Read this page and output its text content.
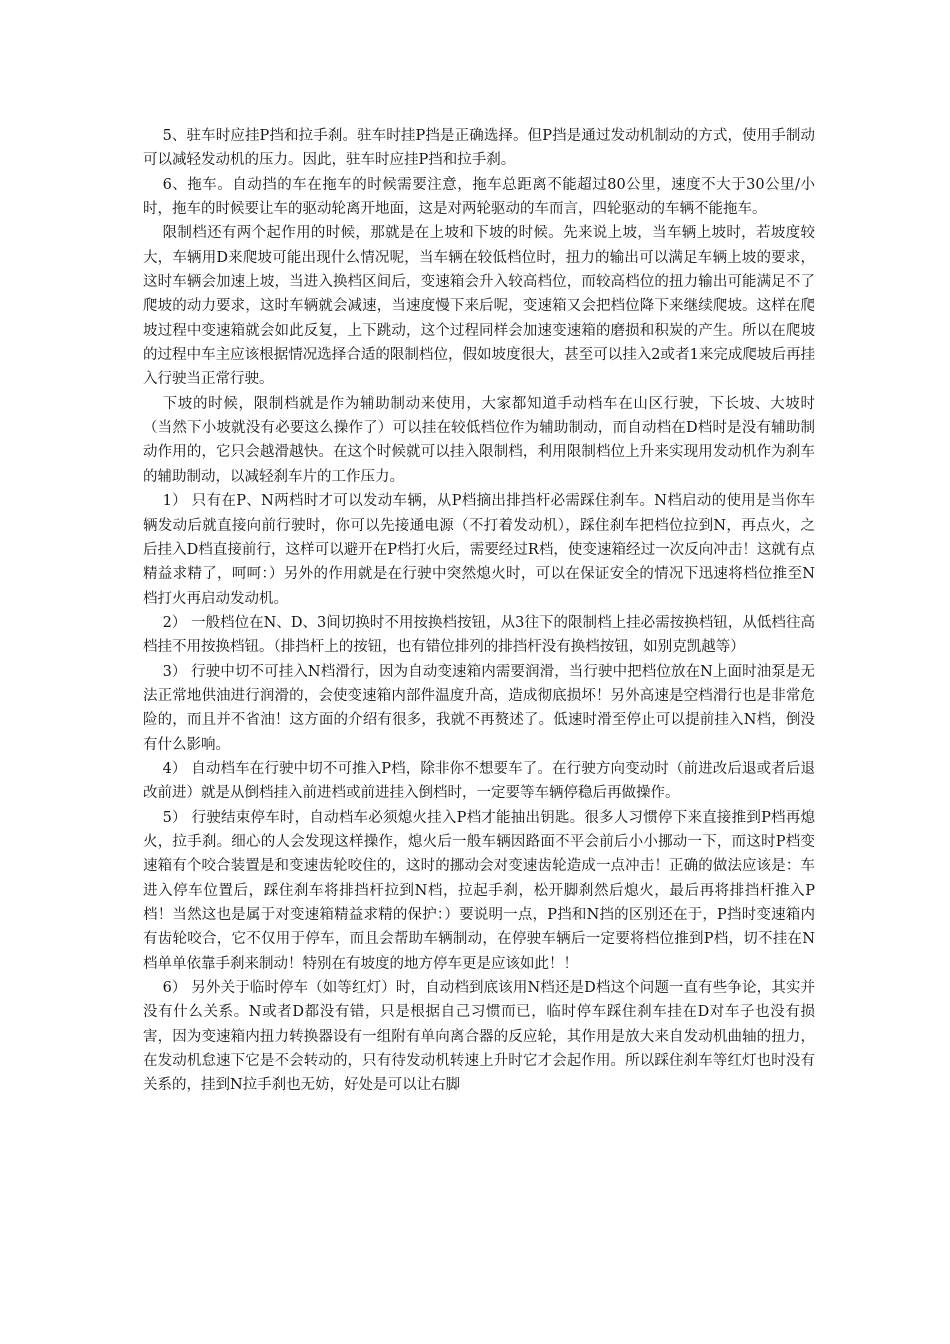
5、驻车时应挂P挡和拉手刹。驻车时挂P挡是正确选择。但P挡是通过发动机制动的方式，使用手制动可以减轻发动机的压力。因此，驻车时应挂P挡和拉手刹。

6、拖车。自动挡的车在拖车的时候需要注意，拖车总距离不能超过80公里，速度不大于30公里/小时，拖车的时候要让车的驱动轮离开地面，这是对两轮驱动的车而言，四轮驱动的车辆不能拖车。

限制档还有两个起作用的时候，那就是在上坡和下坡的时候。先来说上坡，当车辆上坡时，若坡度较大，车辆用D来爬坡可能出现什么情况呢，当车辆在较低档位时，扭力的输出可以满足车辆上坡的要求，这时车辆会加速上坡，当进入换档区间后，变速箱会升入较高档位，而较高档位的扭力输出可能满足不了爬坡的动力要求，这时车辆就会减速，当速度慢下来后呢，变速箱又会把档位降下来继续爬坡。这样在爬坡过程中变速箱就会如此反复，上下跳动，这个过程同样会加速变速箱的磨损和积炭的产生。所以在爬坡的过程中车主应该根据情况选择合适的限制档位，假如坡度很大，甚至可以挂入2或者1来完成爬坡后再挂入行驶当正常行驶。

下坡的时候，限制档就是作为辅助制动来使用，大家都知道手动档车在山区行驶，下长坡、大坡时（当然下小坡就没有必要这么操作了）可以挂在较低档位作为辅助制动，而自动档在D档时是没有辅助制动作用的，它只会越滑越快。在这个时候就可以挂入限制档，利用限制档位上升来实现用发动机作为刹车的辅助制动，以减轻刹车片的工作压力。

1） 只有在P、N两档时才可以发动车辆，从P档摘出排挡杆必需踩住刹车。N档启动的使用是当你车辆发动后就直接向前行驶时，你可以先接通电源（不打着发动机），踩住刹车把档位拉到N，再点火，之后挂入D档直接前行，这样可以避开在P档打火后，需要经过R档，使变速箱经过一次反向冲击！这就有点精益求精了，呵呵：）另外的作用就是在行驶中突然熄火时，可以在保证安全的情况下迅速将档位推至N档打火再启动发动机。

2） 一般档位在N、D、3间切换时不用按换档按钮，从3往下的限制档上挂必需按换档钮，从低档往高档挂不用按换档钮。（排挡杆上的按钮，也有错位排列的排挡杆没有换档按钮，如别克凯越等）

3） 行驶中切不可挂入N档滑行，因为自动变速箱内需要润滑，当行驶中把档位放在N上面时油泵是无法正常地供油进行润滑的，会使变速箱内部件温度升高，造成彻底损坏！另外高速是空档滑行也是非常危险的，而且并不省油！这方面的介绍有很多，我就不再赘述了。低速时滑至停止可以提前挂入N档，倒没有什么影响。

4） 自动档车在行驶中切不可推入P档，除非你不想要车了。在行驶方向变动时（前进改后退或者后退改前进）就是从倒档挂入前进档或前进挂入倒档时，一定要等车辆停稳后再做操作。

5） 行驶结束停车时，自动档车必须熄火挂入P档才能抽出钥匙。很多人习惯停下来直接推到P档再熄火，拉手刹。细心的人会发现这样操作，熄火后一般车辆因路面不平会前后小小挪动一下，而这时P档变速箱有个咬合装置是和变速齿轮咬住的，这时的挪动会对变速齿轮造成一点冲击！正确的做法应该是：车进入停车位置后，踩住刹车将排挡杆拉到N档，拉起手刹，松开脚刹然后熄火，最后再将排挡杆推入P档！当然这也是属于对变速箱精益求精的保护：）要说明一点，P挡和N挡的区别还在于，P挡时变速箱内有齿轮咬合，它不仅用于停车，而且会帮助车辆制动，在停驶车辆后一定要将档位推到P档，切不挂在N档单单依靠手刹来制动！特别在有坡度的地方停车更是应该如此！！

6） 另外关于临时停车（如等红灯）时，自动档到底该用N档还是D档这个问题一直有些争论，其实并没有什么关系。N或者D都没有错，只是根据自己习惯而已，临时停车踩住刹车挂在D对车子也没有损害，因为变速箱内扭力转换器设有一组附有单向离合器的反应轮，其作用是放大来自发动机曲轴的扭力，在发动机怠速下它是不会转动的，只有待发动机转速上升时它才会起作用。所以踩住刹车等红灯也时没有关系的，挂到N拉手刹也无妨，好处是可以让右脚
